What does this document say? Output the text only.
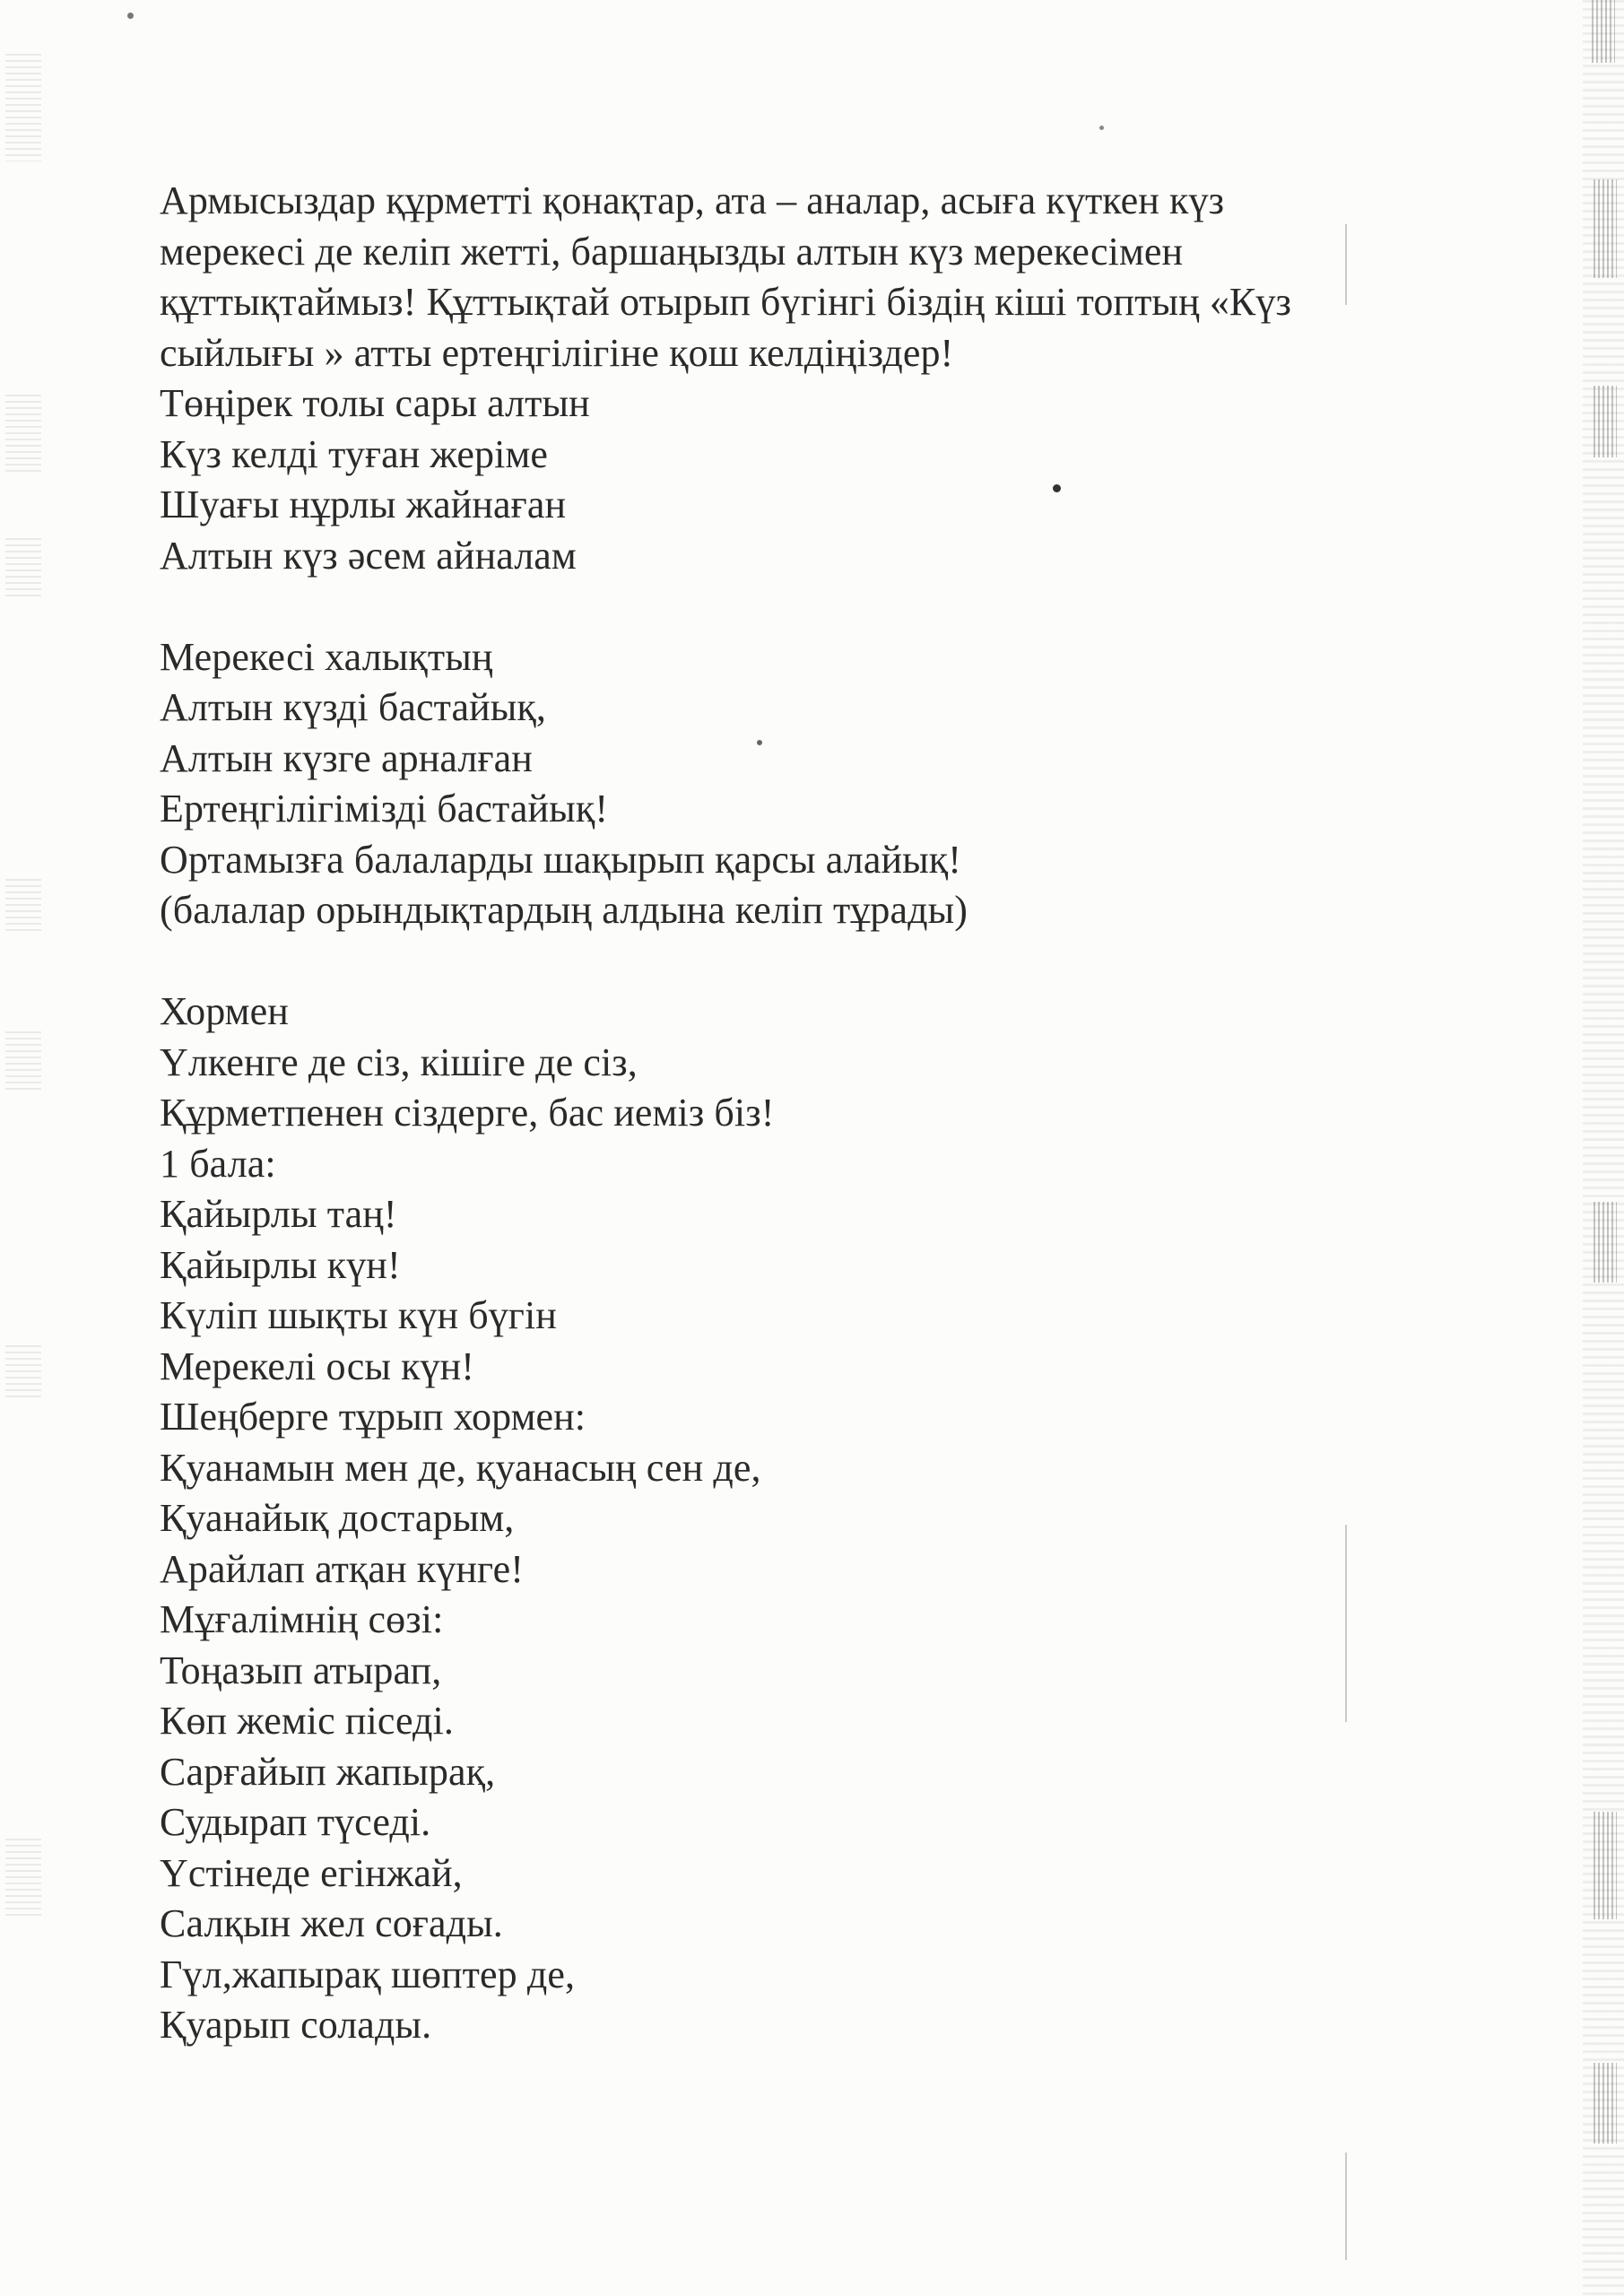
Армысыздар құрметті қонақтар, ата – аналар, асыға күткен күз
мерекесі де келіп жетті, баршаңызды алтын күз мерекесімен
құттықтаймыз! Құттықтай отырып бүгінгі біздің кіші топтың «Күз
сыйлығы » атты ертеңгілігіне қош келдіңіздер!
Төңірек толы сары алтын
Күз келді туған жеріме
Шуағы нұрлы жайнаған
Алтын күз әсем айналам
Мерекесі халықтың
Алтын күзді бастайық,
Алтын күзге арналған
Ертеңгілігімізді бастайық!
Ортамызға балаларды шақырып қарсы алайық!
(балалар орындықтардың алдына келіп тұрады)
Хормен
Үлкенге де сіз, кішіге де сіз,
Құрметпенен сіздерге, бас иеміз біз!
1 бала:
Қайырлы таң!
Қайырлы күн!
Күліп шықты күн бүгін
Мерекелі осы күн!
Шеңберге тұрып хормен:
Қуанамын мен де, қуанасың сен де,
Қуанайық достарым,
Арайлап атқан күнге!
Мұғалімнің сөзі:
Тоңазып атырап,
Көп жеміс піседі.
Сарғайып жапырақ,
Судырап түседі.
Үстінеде егінжай,
Салқын жел соғады.
Гүл,жапырақ шөптер де,
Қуарып солады.
